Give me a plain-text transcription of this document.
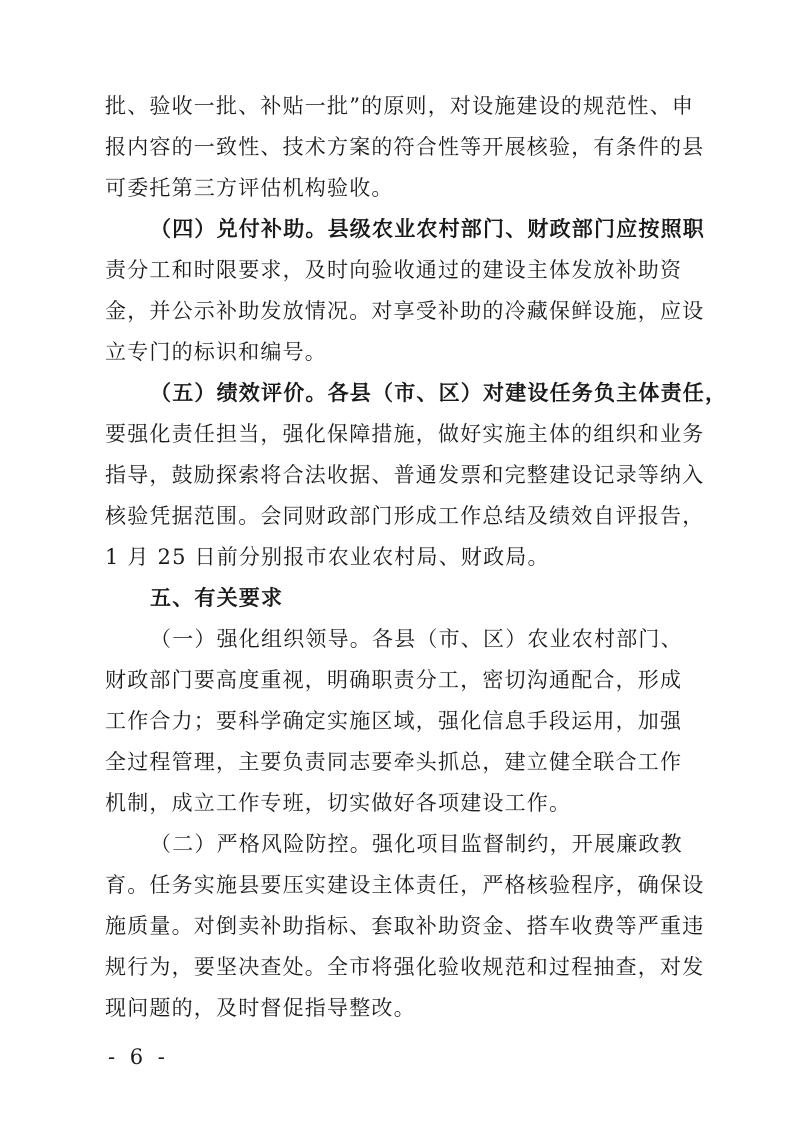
批、验收一批、补贴一批”的原则，对设施建设的规范性、申
报内容的一致性、技术方案的符合性等开展核验，有条件的县
可委托第三方评估机构验收。
（四）兑付补助。县级农业农村部门、财政部门应按照职
责分工和时限要求，及时向验收通过的建设主体发放补助资
金，并公示补助发放情况。对享受补助的冷藏保鲜设施，应设
立专门的标识和编号。
（五）绩效评价。各县（市、区）对建设任务负主体责任，
要强化责任担当，强化保障措施，做好实施主体的组织和业务
指导，鼓励探索将合法收据、普通发票和完整建设记录等纳入
核验凭据范围。会同财政部门形成工作总结及绩效自评报告，
1 月 25 日前分别报市农业农村局、财政局。
五、有关要求
（一）强化组织领导。各县（市、区）农业农村部门、
财政部门要高度重视，明确职责分工，密切沟通配合，形成
工作合力；要科学确定实施区域，强化信息手段运用，加强
全过程管理，主要负责同志要牵头抓总，建立健全联合工作
机制，成立工作专班，切实做好各项建设工作。
（二）严格风险防控。强化项目监督制约，开展廉政教
育。任务实施县要压实建设主体责任，严格核验程序，确保设
施质量。对倒卖补助指标、套取补助资金、搭车收费等严重违
规行为，要坚决查处。全市将强化验收规范和过程抽查，对发
现问题的，及时督促指导整改。
- 6 -
